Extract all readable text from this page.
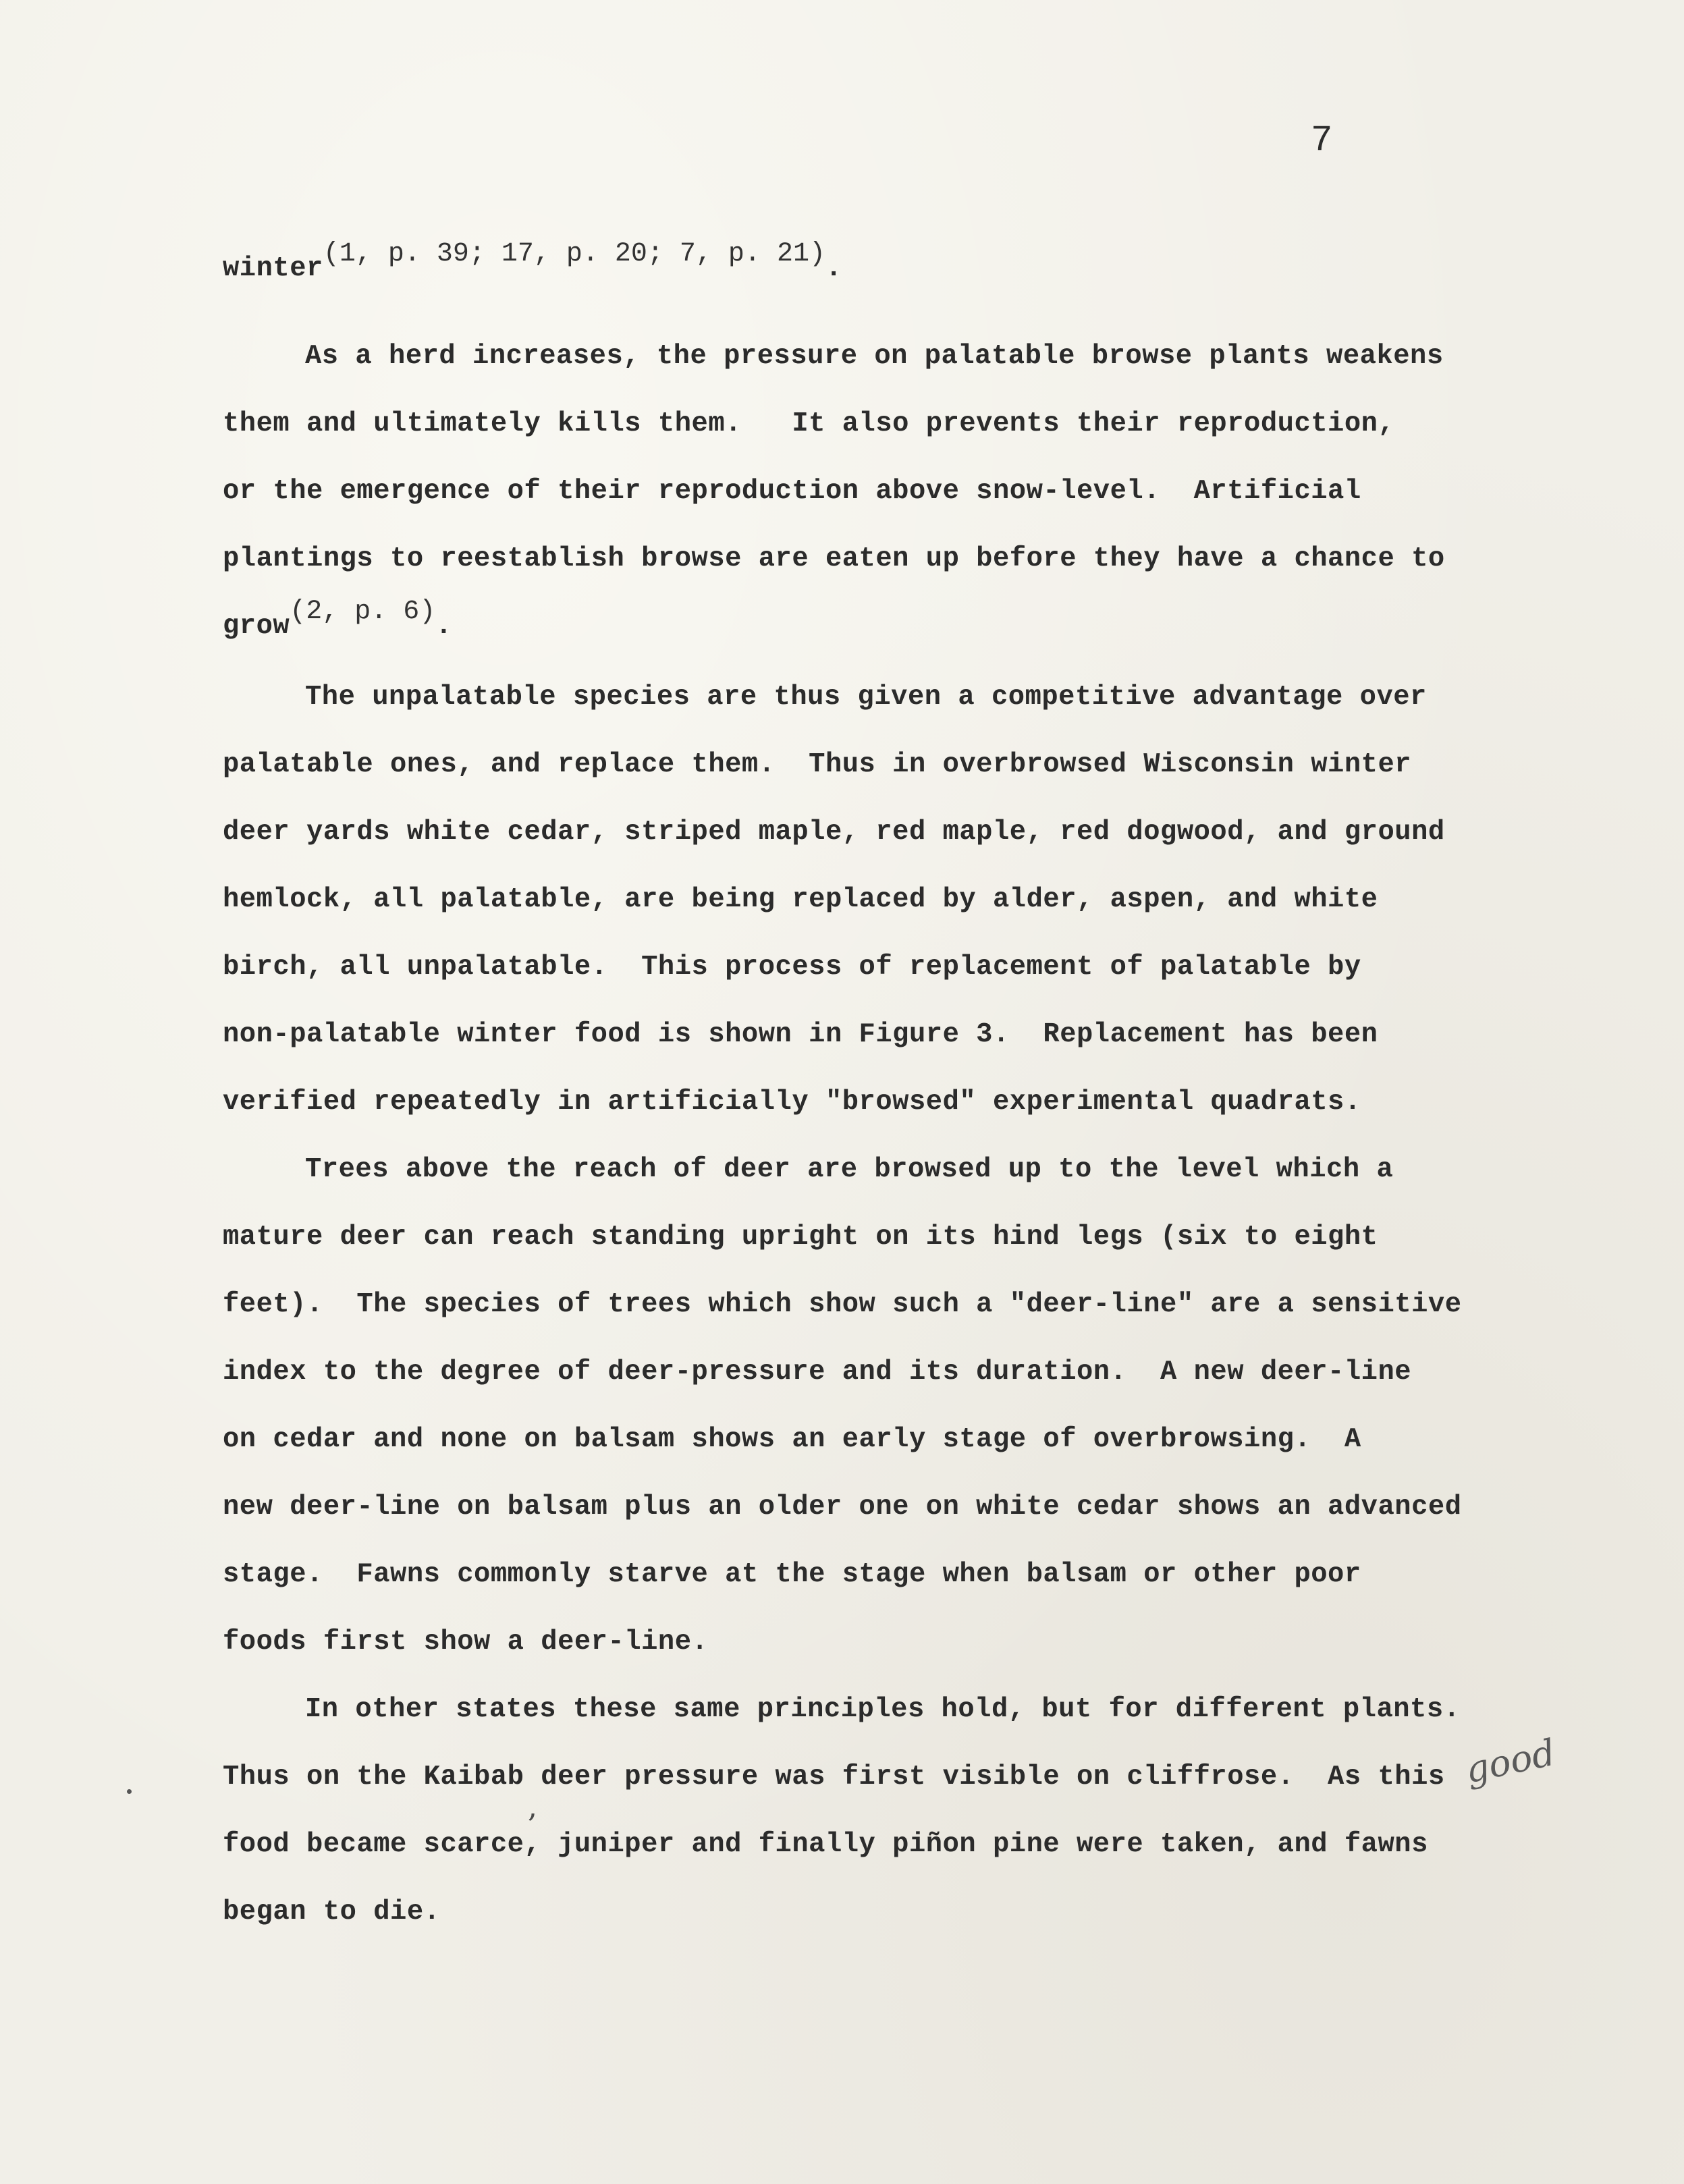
7
winter(1, p. 39; 17, p. 20; 7, p. 21).
As a herd increases, the pressure on palatable browse plants weakens
them and ultimately kills them.   It also prevents their reproduction,
or the emergence of their reproduction above snow-level.  Artificial
plantings to reestablish browse are eaten up before they have a chance to
grow(2, p. 6).
The unpalatable species are thus given a competitive advantage over
palatable ones, and replace them.  Thus in overbrowsed Wisconsin winter
deer yards white cedar, striped maple, red maple, red dogwood, and ground
hemlock, all palatable, are being replaced by alder, aspen, and white
birch, all unpalatable.  This process of replacement of palatable by
non-palatable winter food is shown in Figure 3.  Replacement has been
verified repeatedly in artificially "browsed" experimental quadrats.
Trees above the reach of deer are browsed up to the level which a
mature deer can reach standing upright on its hind legs (six to eight
feet).  The species of trees which show such a "deer-line" are a sensitive
index to the degree of deer-pressure and its duration.  A new deer-line
on cedar and none on balsam shows an early stage of overbrowsing.  A
new deer-line on balsam plus an older one on white cedar shows an advanced
stage.  Fawns commonly starve at the stage when balsam or other poor
foods first show a deer-line.
In other states these same principles hold, but for different plants.
Thus on the Kaibab deer pressure was first visible on cliffrose.  As this
food became scarce, juniper and finally piñon pine were taken, and fawns
began to die.
,
good
